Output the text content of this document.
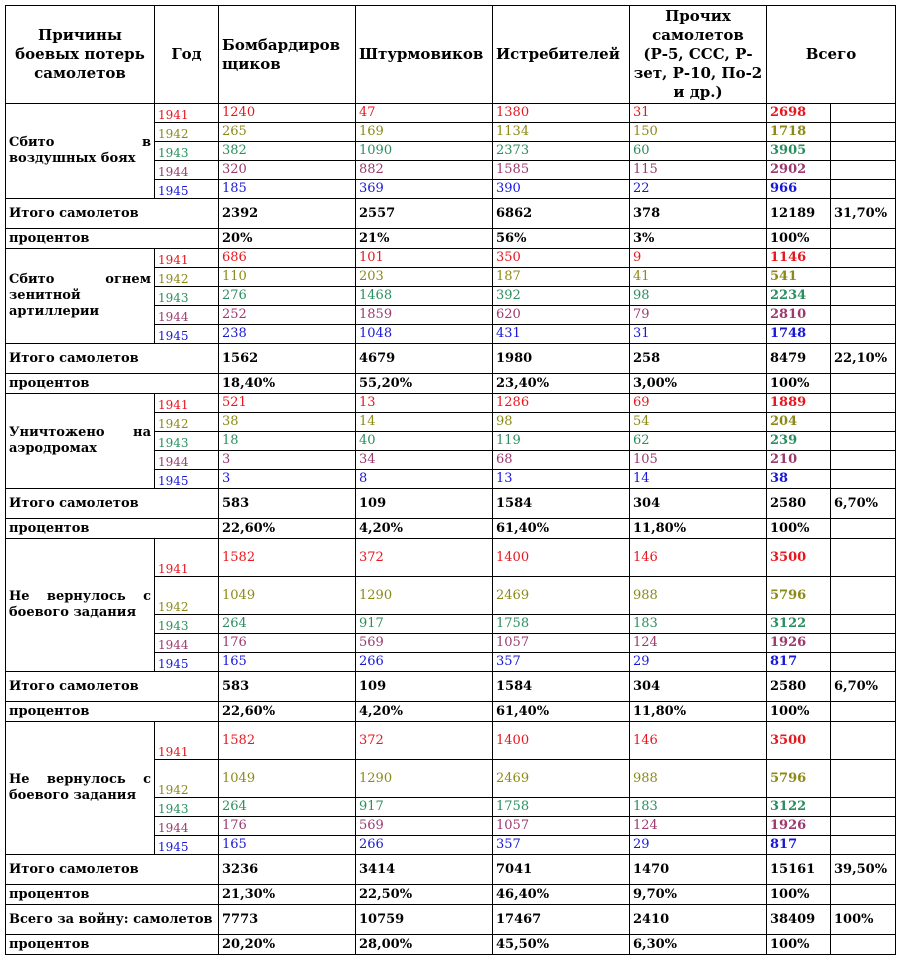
Причины боевых потерь самолетов	Год	Бомбардировщиков	Штурмовиков	Истребителей	Прочих самолетов (Р-5, ССС, Р-зет, Р-10, По-2 и др.)	Всего	

Сбито в воздушных боях	1941	1240	47	1380	31	2698	
	1942	265	169	1134	150	1718	
	1943	382	1090	2373	60	3905	
	1944	320	882	1585	115	2902	
	1945	185	369	390	22	966	
Итого самолетов		2392	2557	6862	378	12189	31,70%
процентов		20%	21%	56%	3%	100%	

Сбито огнем зенитной артиллерии	1941	686	101	350	9	1146	
	1942	110	203	187	41	541	
	1943	276	1468	392	98	2234	
	1944	252	1859	620	79	2810	
	1945	238	1048	431	31	1748	
Итого самолетов		1562	4679	1980	258	8479	22,10%
процентов		18,40%	55,20%	23,40%	3,00%	100%	

Уничтожено на аэродромах	1941	521	13	1286	69	1889	
	1942	38	14	98	54	204	
	1943	18	40	119	62	239	
	1944	3	34	68	105	210	
	1945	3	8	13	14	38	
Итого самолетов		583	109	1584	304	2580	6,70%
процентов		22,60%	4,20%	61,40%	11,80%	100%	

Не вернулось с боевого задания	1941	1582	372	1400	146	3500	
	1942	1049	1290	2469	988	5796	
	1943	264	917	1758	183	3122	
	1944	176	569	1057	124	1926	
	1945	165	266	357	29	817	
Итого самолетов		583	109	1584	304	2580	6,70%
процентов		22,60%	4,20%	61,40%	11,80%	100%	

Не вернулось с боевого задания	1941	1582	372	1400	146	3500	
	1942	1049	1290	2469	988	5796	
	1943	264	917	1758	183	3122	
	1944	176	569	1057	124	1926	
	1945	165	266	357	29	817	
Итого самолетов		3236	3414	7041	1470	15161	39,50%
процентов		21,30%	22,50%	46,40%	9,70%	100%	
Всего за войну: самолетов		7773	10759	17467	2410	38409	100%
процентов		20,20%	28,00%	45,50%	6,30%	100%	
